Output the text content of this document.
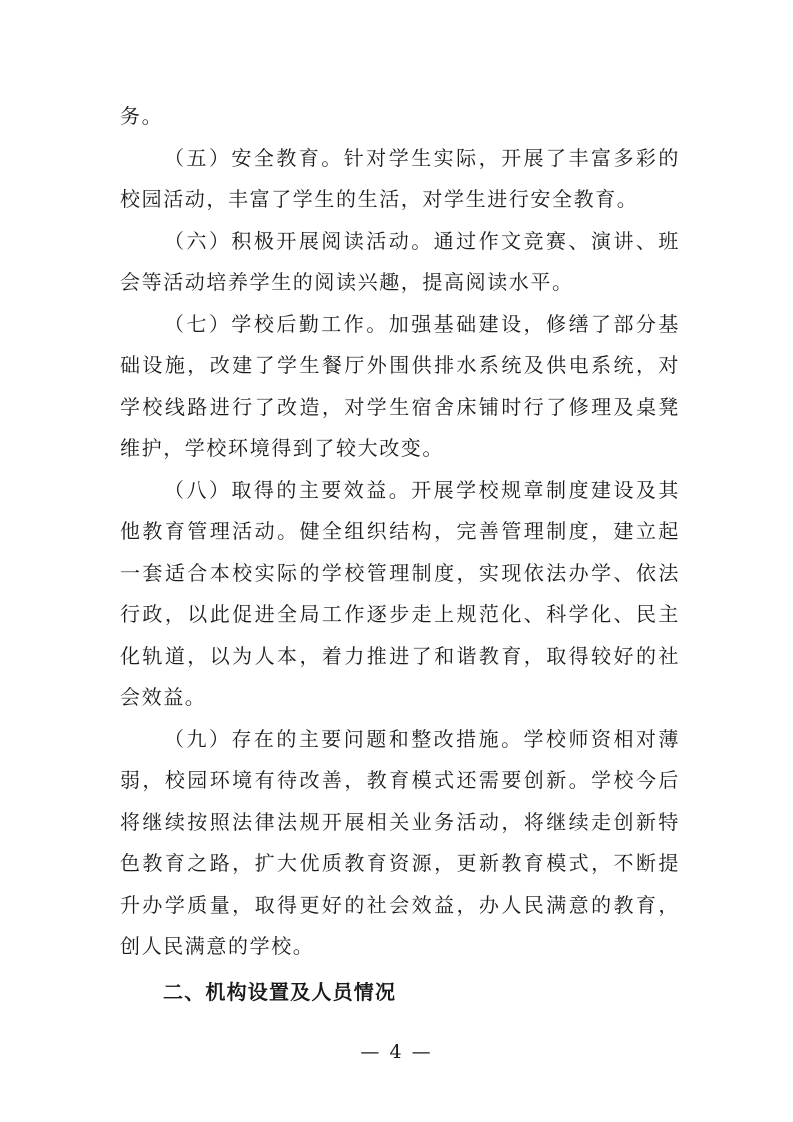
务。

（五）安全教育。针对学生实际，开展了丰富多彩的校园活动，丰富了学生的生活，对学生进行安全教育。

（六）积极开展阅读活动。通过作文竞赛、演讲、班会等活动培养学生的阅读兴趣，提高阅读水平。

（七）学校后勤工作。加强基础建设，修缮了部分基础设施，改建了学生餐厅外围供排水系统及供电系统，对学校线路进行了改造，对学生宿舍床铺时行了修理及桌凳维护，学校环境得到了较大改变。

（八）取得的主要效益。开展学校规章制度建设及其他教育管理活动。健全组织结构，完善管理制度，建立起一套适合本校实际的学校管理制度，实现依法办学、依法行政，以此促进全局工作逐步走上规范化、科学化、民主化轨道，以为人本，着力推进了和谐教育，取得较好的社会效益。

（九）存在的主要问题和整改措施。学校师资相对薄弱，校园环境有待改善，教育模式还需要创新。学校今后将继续按照法律法规开展相关业务活动，将继续走创新特色教育之路，扩大优质教育资源，更新教育模式，不断提升办学质量，取得更好的社会效益，办人民满意的教育，创人民满意的学校。

二、机构设置及人员情况
— 4 —
